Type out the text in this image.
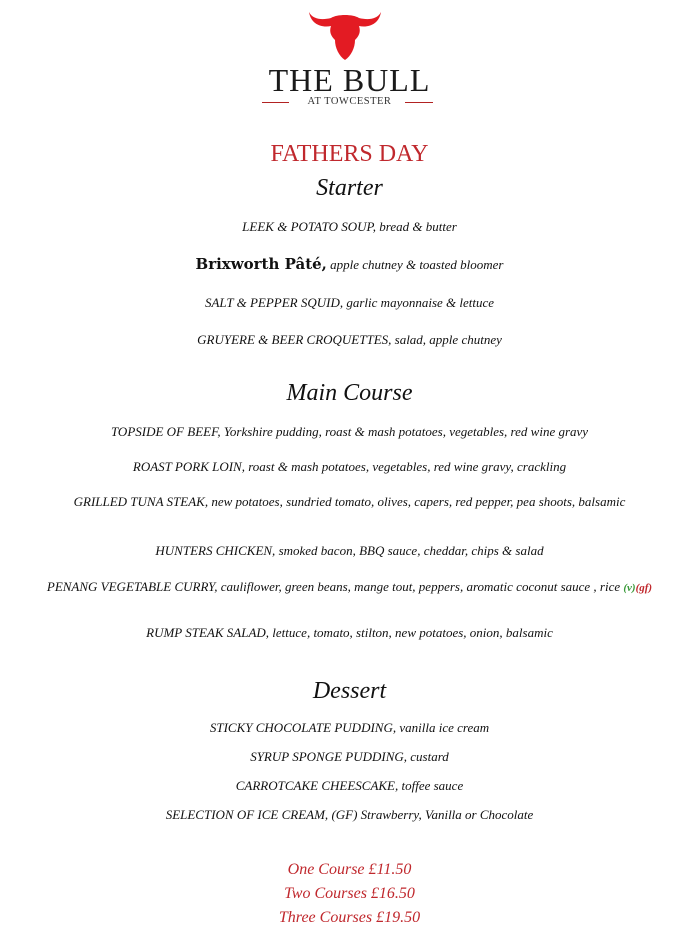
THE BULL
AT TOWCESTER
FATHERS DAY
Starter
LEEK & POTATO SOUP, bread & butter
Brixworth Pâté, apple chutney & toasted bloomer
SALT & PEPPER SQUID, garlic mayonnaise & lettuce
GRUYERE & BEER CROQUETTES, salad, apple chutney
Main Course
TOPSIDE OF BEEF, Yorkshire pudding, roast & mash potatoes, vegetables, red wine gravy
ROAST PORK LOIN, roast & mash potatoes, vegetables, red wine gravy, crackling
GRILLED TUNA STEAK, new potatoes, sundried tomato, olives, capers, red pepper, pea shoots, balsamic
HUNTERS CHICKEN, smoked bacon, BBQ sauce, cheddar, chips & salad
PENANG VEGETABLE CURRY, cauliflower, green beans, mange tout, peppers, aromatic coconut sauce , rice (v)(gf)
RUMP STEAK SALAD, lettuce, tomato, stilton, new potatoes, onion, balsamic
Dessert
STICKY CHOCOLATE PUDDING, vanilla ice cream
SYRUP SPONGE PUDDING, custard
CARROTCAKE CHEESCAKE, toffee sauce
SELECTION OF ICE CREAM, (GF) Strawberry, Vanilla or Chocolate
One Course £11.50
Two Courses £16.50
Three Courses £19.50
